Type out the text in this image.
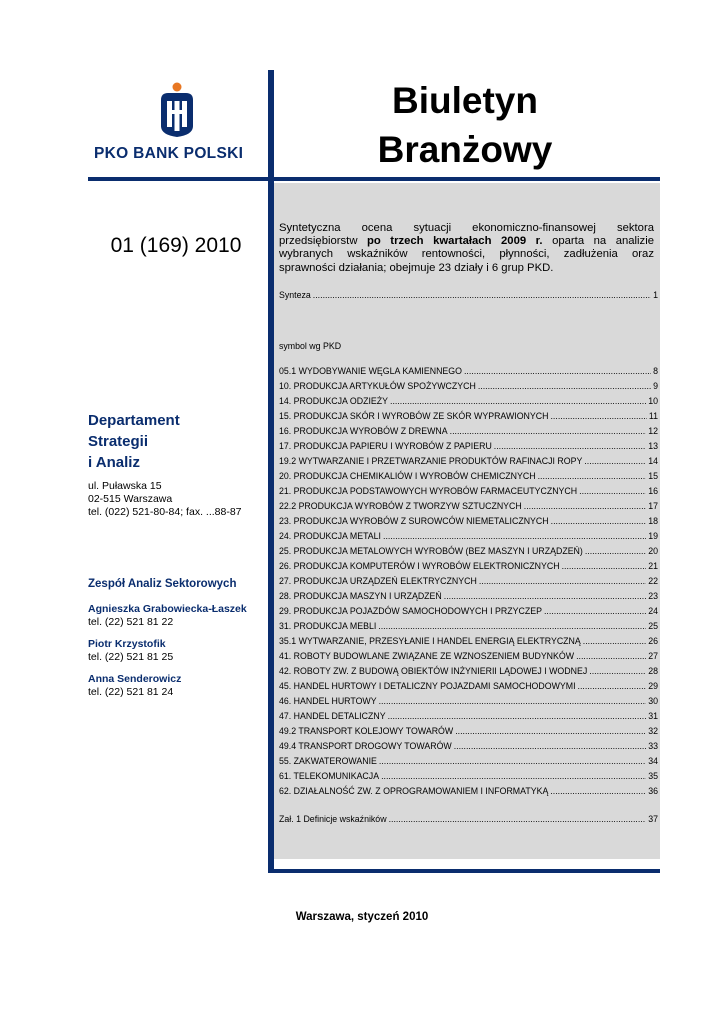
PKO BANK POLSKI
Biuletyn
Branżowy
01 (169) 2010
Departament
Strategii
i Analiz
ul. Puławska 15
02-515 Warszawa
tel. (022) 521-80-84; fax. ...88-87
Zespół Analiz Sektorowych
Agnieszka Grabowiecka-Łaszek
tel. (22) 521 81 22
Piotr Krzystofik
tel. (22) 521 81 25
Anna Senderowicz
tel. (22) 521 81 24
Syntetyczna ocena sytuacji ekonomiczno-finansowej sektora przedsiębiorstw po trzech kwartałach 2009 r. oparta na analizie wybranych wskaźników rentowności, płynności, zadłużenia oraz sprawności działania; obejmuje 23 działy i 6 grup PKD.
Synteza .....	1
symbol wg PKD
05.1 WYDOBYWANIE WĘGLA KAMIENNEGO .....	8
10. PRODUKCJA ARTYKUŁÓW SPOŻYWCZYCH .....	9
14. PRODUKCJA ODZIEŻY .....	10
15. PRODUKCJA SKÓR I WYROBÓW ZE SKÓR WYPRAWIONYCH .....	11
16. PRODUKCJA WYROBÓW Z DREWNA .....	12
17. PRODUKCJA PAPIERU I WYROBÓW Z PAPIERU .....	13
19.2 WYTWARZANIE I PRZETWARZANIE PRODUKTÓW RAFINACJI ROPY .....	14
20. PRODUKCJA CHEMIKALIÓW I WYROBÓW CHEMICZNYCH .....	15
21. PRODUKCJA PODSTAWOWYCH WYROBÓW FARMACEUTYCZNYCH .....	16
22.2 PRODUKCJA WYROBÓW Z TWORZYW SZTUCZNYCH .....	17
23. PRODUKCJA WYROBÓW Z SUROWCÓW NIEMETALICZNYCH .....	18
24. PRODUKCJA METALI .....	19
25. PRODUKCJA METALOWYCH WYROBÓW (BEZ MASZYN I URZĄDZEŃ) .....	20
26. PRODUKCJA KOMPUTERÓW I WYROBÓW ELEKTRONICZNYCH .....	21
27. PRODUKCJA URZĄDZEŃ ELEKTRYCZNYCH .....	22
28. PRODUKCJA MASZYN I URZĄDZEŃ .....	23
29. PRODUKCJA POJAZDÓW SAMOCHODOWYCH I PRZYCZEP .....	24
31. PRODUKCJA MEBLI .....	25
35.1 WYTWARZANIE, PRZESYŁANIE I HANDEL ENERGIĄ ELEKTRYCZNĄ .....	26
41. ROBOTY BUDOWLANE ZWIĄZANE ZE WZNOSZENIEM BUDYNKÓW .....	27
42. ROBOTY ZW. Z BUDOWĄ OBIEKTÓW INŻYNIERII LĄDOWEJ I WODNEJ .....	28
45. HANDEL HURTOWY I DETALICZNY POJAZDAMI SAMOCHODOWYMI .....	29
46. HANDEL HURTOWY .....	30
47. HANDEL DETALICZNY .....	31
49.2 TRANSPORT KOLEJOWY TOWARÓW .....	32
49.4 TRANSPORT DROGOWY TOWARÓW .....	33
55. ZAKWATEROWANIE .....	34
61. TELEKOMUNIKACJA .....	35
62. DZIAŁALNOŚĆ ZW. Z OPROGRAMOWANIEM I INFORMATYKĄ .....	36
Zał. 1 Definicje wskaźników .....	37
Warszawa, styczeń 2010
